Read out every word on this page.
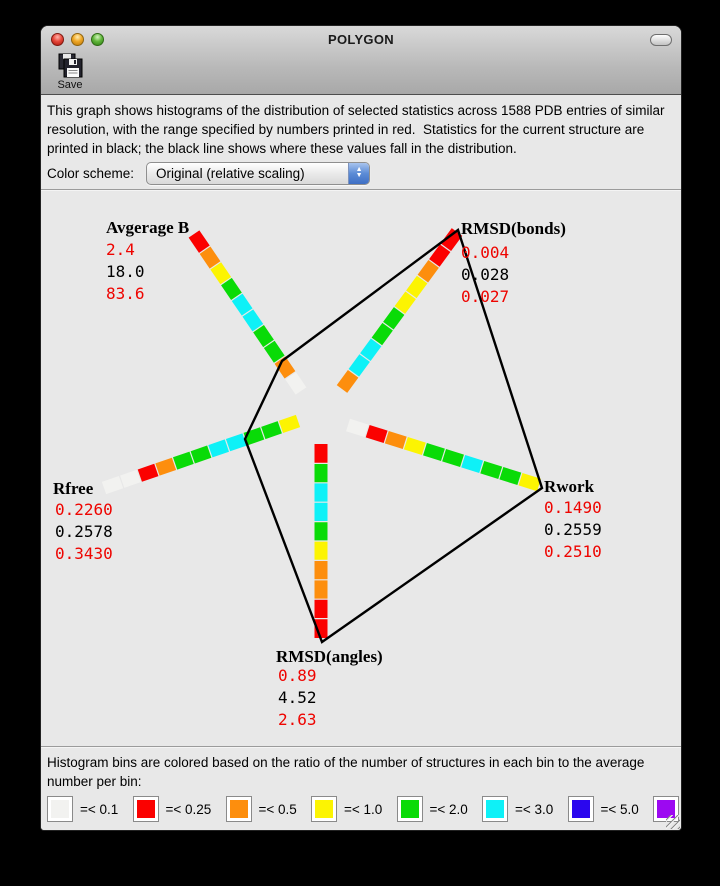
POLYGON
Save
This graph shows histograms of the distribution of selected statistics across 1588 PDB entries of similar resolution, with the range specified by numbers printed in red.  Statistics for the current structure are printed in black; the black line shows where these values fall in the distribution.
Color scheme:	Original (relative scaling)	▲
▼
Avgerage B
2.4
18.0
83.6
RMSD(bonds)
0.004
0.028
0.027
Rwork
0.1490
0.2559
0.2510
RMSD(angles)
0.89
4.52
2.63
Rfree
0.2260
0.2578
0.3430
Histogram bins are colored based on the ratio of the number of structures in each bin to the average number per bin:
=< 0.1	=< 0.25	=< 0.5	=< 1.0	=< 2.0	=< 3.0	=< 5.0
